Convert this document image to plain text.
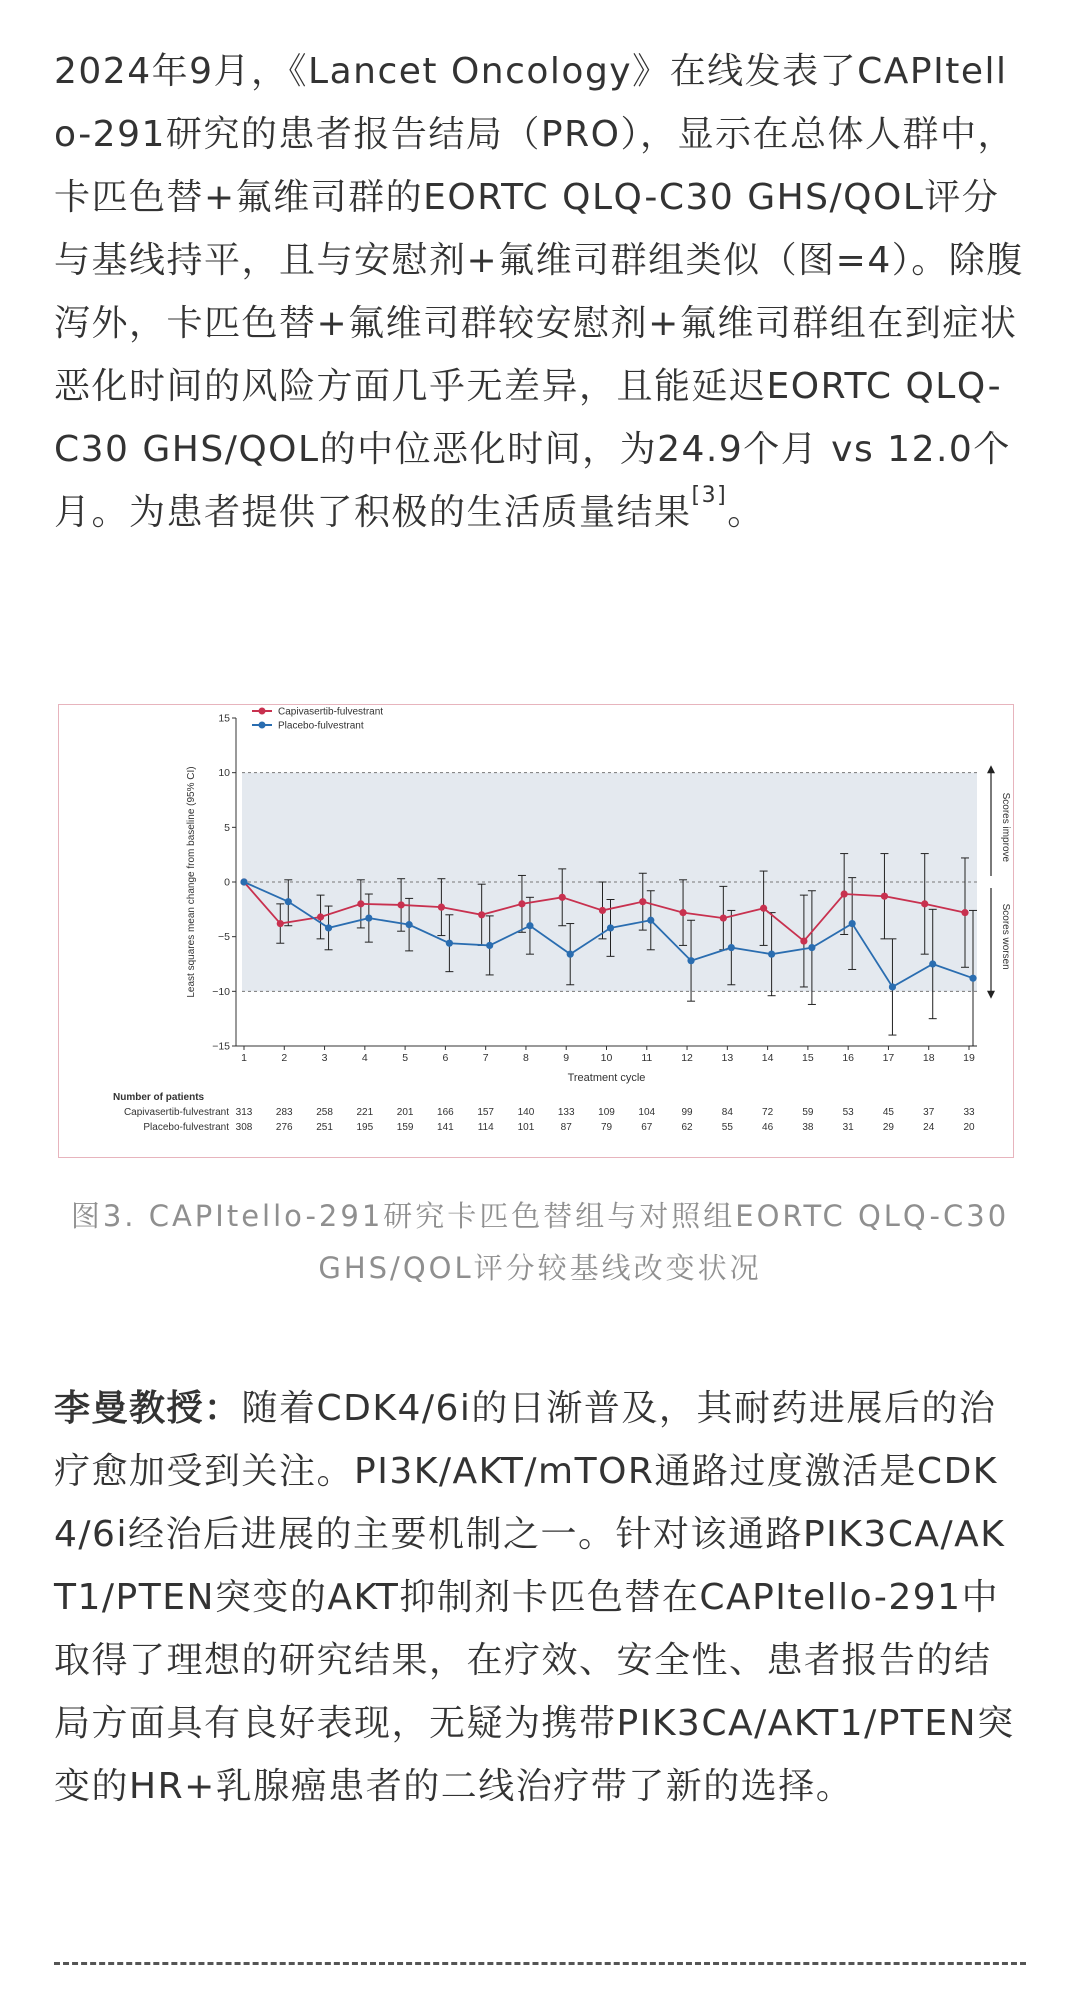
2024年9月，《Lancet Oncology》在线发表了CAPItello-291研究的患者报告结局（PRO），显示在总体人群中，卡匹色替+氟维司群的EORTC QLQ-C30 GHS/QOL评分与基线持平，且与安慰剂+氟维司群组类似（图=4）。除腹泻外，卡匹色替+氟维司群较安慰剂+氟维司群组在到症状恶化时间的风险方面几乎无差异，且能延迟EORTC QLQ-C30 GHS/QOL的中位恶化时间，为24.9个月 vs 12.0个月。为患者提供了积极的生活质量结果[3]。

15
10
5
0
−5
−10
−15
1	2	3	4	5	6	7	8	9	10	11	12	13	14	15	16	17	18	19
Treatment cycle
Least squares mean change from baseline (95% CI)
Capivasertib-fulvestrant
Placebo-fulvestrant
Scores improve
Scores worsen
Number of patients
Capivasertib-fulvestrant 313 283 258 221 201 166 157 140 133 109 104	99	84	72	59	53	45	37	33
Placebo-fulvestrant 308 276 251 195 159 141 114 101	87	79	67	62	55	46	38	31	29	24	20

图3. CAPItello-291研究卡匹色替组与对照组EORTC QLQ-C30 GHS/QOL评分较基线改变状况

李曼教授：随着CDK4/6i的日渐普及，其耐药进展后的治疗愈加受到关注。PI3K/AKT/mTOR通路过度激活是CDK4/6i经治后进展的主要机制之一。针对该通路PIK3CA/AKT1/PTEN突变的AKT抑制剂卡匹色替在CAPItello-291中取得了理想的研究结果，在疗效、安全性、患者报告的结局方面具有良好表现，无疑为携带PIK3CA/AKT1/PTEN突变的HR+乳腺癌患者的二线治疗带了新的选择。
